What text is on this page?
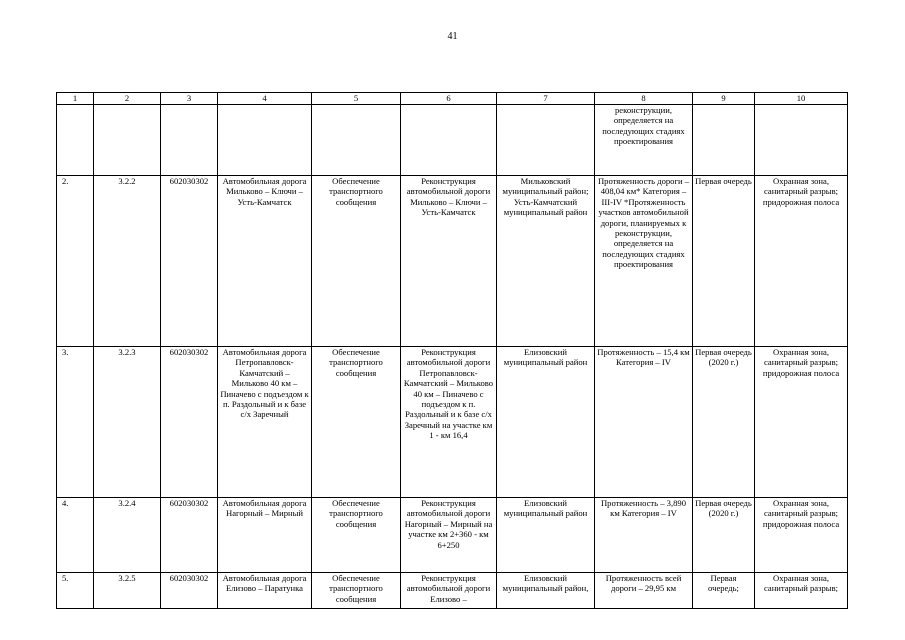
41
1	2	3	4	5	6	7	8	9	10
							реконструкции, определяется на последующих стадиях проектирования		
2.	3.2.2	602030302	Автомобильная дорога Мильково – Ключи – Усть-Камчатск	Обеспечение транспортного сообщения	Реконструкция автомобильной дороги Мильково – Ключи – Усть-Камчатск	Мильковский муниципальный район; Усть-Камчатский муниципальный район	Протяженность дороги – 408,04 км* Категория – III-IV *Протяженность участков автомобильной дороги, планируемых к реконструкции, определяется на последующих стадиях проектирования	Первая очередь	Охранная зона, санитарный разрыв; придорожная полоса
3.	3.2.3	602030302	Автомобильная дорога Петропавловск-Камчатский – Мильково 40 км – Пиначево с подъездом к п. Раздольный и к базе с/х Заречный	Обеспечение транспортного сообщения	Реконструкция автомобильной дороги Петропавловск-Камчатский – Мильково 40 км – Пиначево с подъездом к п. Раздольный и к базе с/х Заречный на участке км 1 - км 16,4	Елизовский муниципальный район	Протяженность – 15,4 км Категория – IV	Первая очередь (2020 г.)	Охранная зона, санитарный разрыв; придорожная полоса
4.	3.2.4	602030302	Автомобильная дорога Нагорный – Мирный	Обеспечение транспортного сообщения	Реконструкция автомобильной дороги Нагорный – Мирный на участке км 2+360 - км 6+250	Елизовский муниципальный район	Протяженность – 3,890 км Категория – IV	Первая очередь (2020 г.)	Охранная зона, санитарный разрыв; придорожная полоса
5.	3.2.5	602030302	Автомобильная дорога Елизово – Паратунка	Обеспечение транспортного сообщения	Реконструкция автомобильной дороги Елизово –	Елизовский муниципальный район,	Протяженность всей дороги – 29,95 км	Первая очередь;	Охранная зона, санитарный разрыв;
